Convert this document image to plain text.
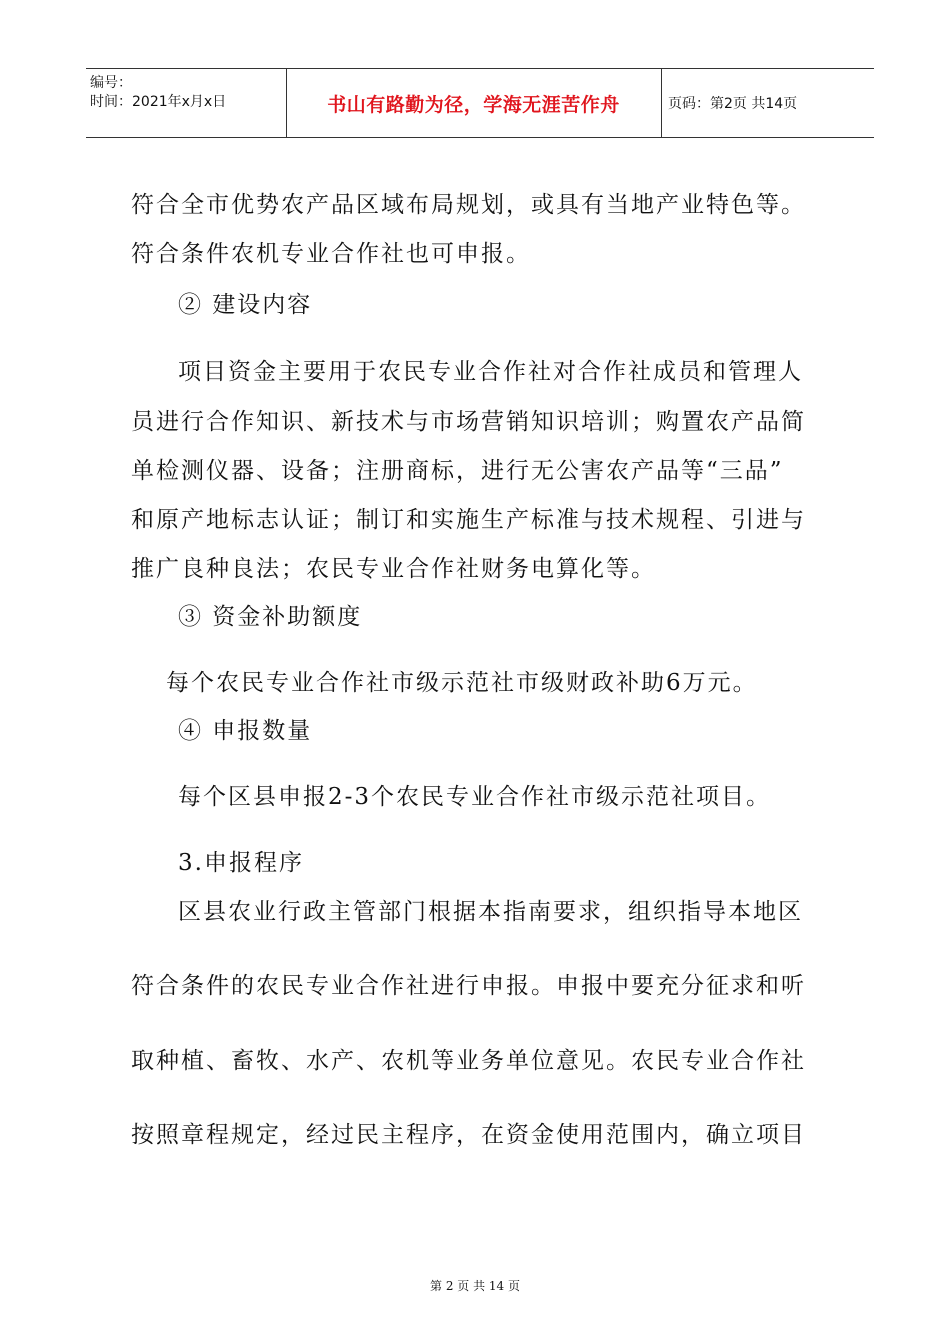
编号：
时间：2021年x月x日	书山有路勤为径，学海无涯苦作舟	页码：第2页 共14页
符合全市优势农产品区域布局规划，或具有当地产业特色等。
符合条件农机专业合作社也可申报。
② 建设内容
项目资金主要用于农民专业合作社对合作社成员和管理人
员进行合作知识、新技术与市场营销知识培训；购置农产品简
单检测仪器、设备；注册商标，进行无公害农产品等“三品”
和原产地标志认证；制订和实施生产标准与技术规程、引进与
推广良种良法；农民专业合作社财务电算化等。
③ 资金补助额度
每个农民专业合作社市级示范社市级财政补助6万元。
④ 申报数量
每个区县申报2-3个农民专业合作社市级示范社项目。
3.申报程序
区县农业行政主管部门根据本指南要求，组织指导本地区
符合条件的农民专业合作社进行申报。申报中要充分征求和听
取种植、畜牧、水产、农机等业务单位意见。农民专业合作社
按照章程规定，经过民主程序，在资金使用范围内，确立项目
第 2 页 共 14 页
